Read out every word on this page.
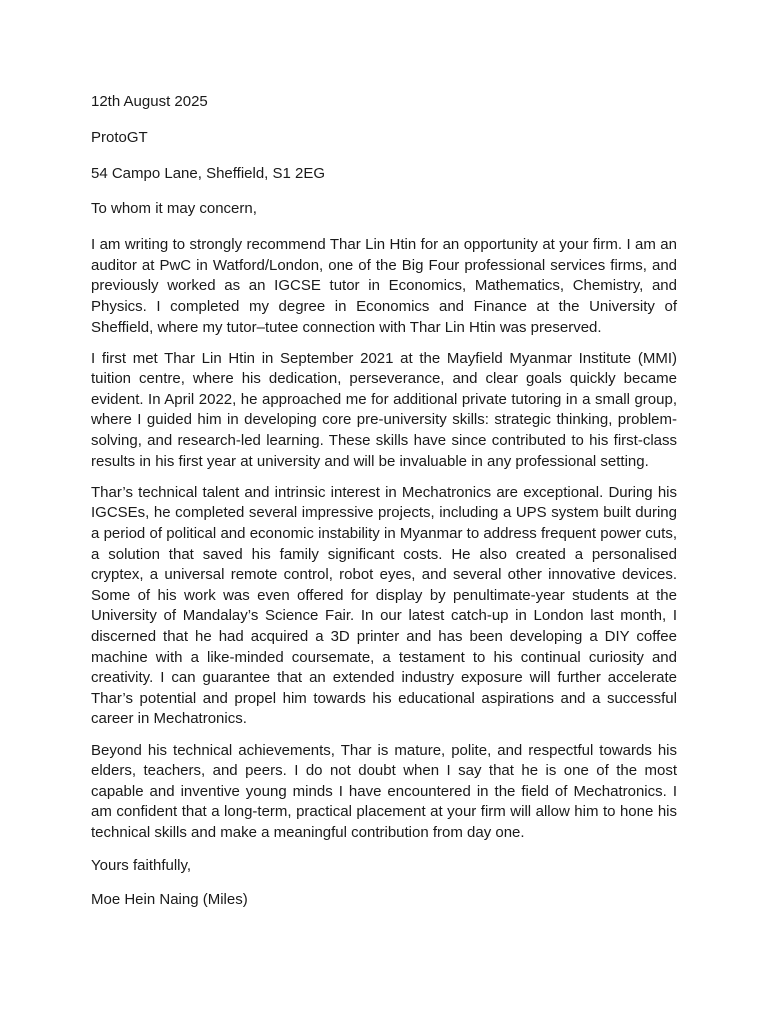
12th August 2025
ProtoGT
54 Campo Lane, Sheffield, S1 2EG
To whom it may concern,

I am writing to strongly recommend Thar Lin Htin for an opportunity at your firm. I am an auditor at PwC in Watford/London, one of the Big Four professional services firms, and previously worked as an IGCSE tutor in Economics, Mathematics, Chemistry, and Physics. I completed my degree in Economics and Finance at the University of Sheffield, where my tutor–tutee connection with Thar Lin Htin was preserved.

I first met Thar Lin Htin in September 2021 at the Mayfield Myanmar Institute (MMI) tuition centre, where his dedication, perseverance, and clear goals quickly became evident. In April 2022, he approached me for additional private tutoring in a small group, where I guided him in developing core pre-university skills: strategic thinking, problem-solving, and research-led learning. These skills have since contributed to his first-class results in his first year at university and will be invaluable in any professional setting.

Thar’s technical talent and intrinsic interest in Mechatronics are exceptional. During his IGCSEs, he completed several impressive projects, including a UPS system built during a period of political and economic instability in Myanmar to address frequent power cuts, a solution that saved his family significant costs. He also created a personalised cryptex, a universal remote control, robot eyes, and several other innovative devices. Some of his work was even offered for display by penultimate-year students at the University of Mandalay’s Science Fair. In our latest catch-up in London last month, I discerned that he had acquired a 3D printer and has been developing a DIY coffee machine with a like-minded coursemate, a testament to his continual curiosity and creativity. I can guarantee that an extended industry exposure will further accelerate Thar’s potential and propel him towards his educational aspirations and a successful career in Mechatronics.

Beyond his technical achievements, Thar is mature, polite, and respectful towards his elders, teachers, and peers. I do not doubt when I say that he is one of the most capable and inventive young minds I have encountered in the field of Mechatronics. I am confident that a long-term, practical placement at your firm will allow him to hone his technical skills and make a meaningful contribution from day one.

Yours faithfully,
Moe Hein Naing (Miles)
